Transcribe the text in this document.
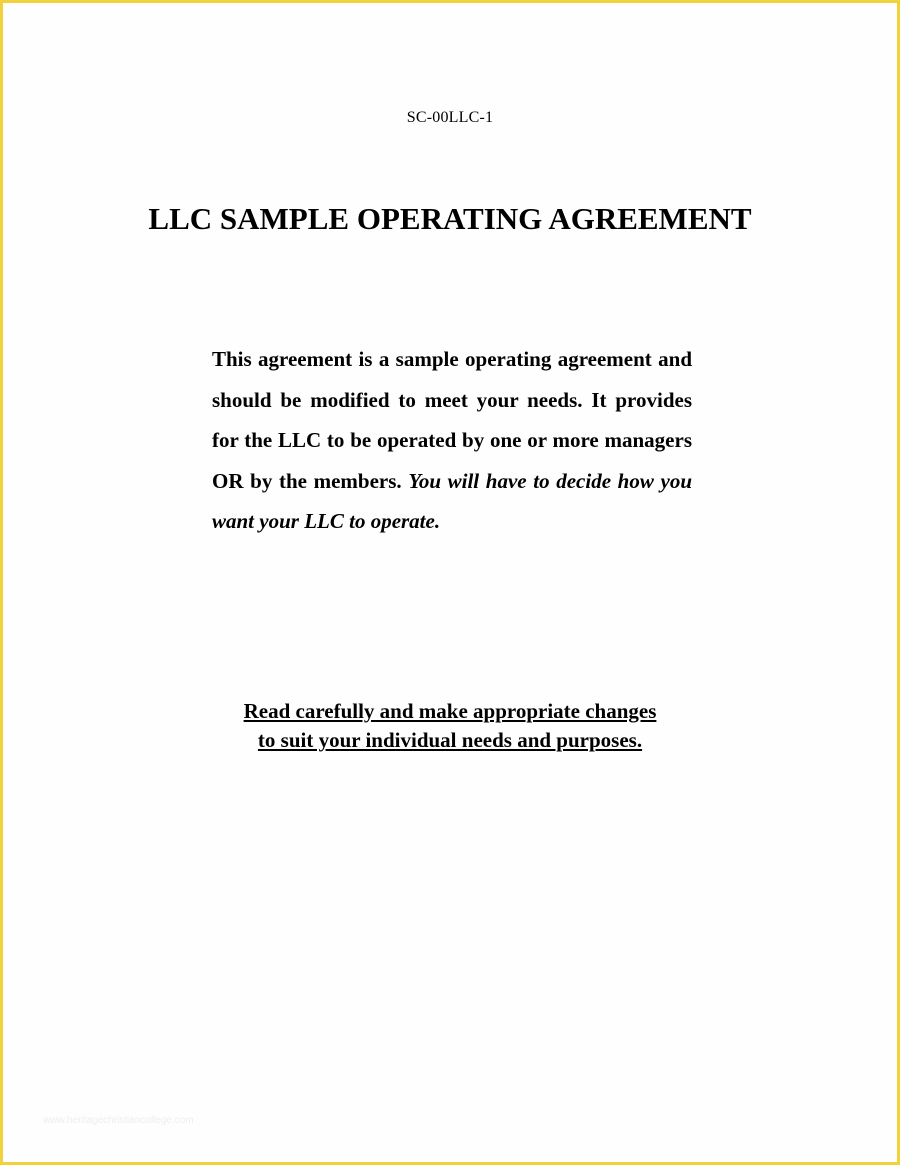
SC-00LLC-1
LLC SAMPLE OPERATING AGREEMENT

This agreement is a sample operating agreement and should be modified to meet your needs. It provides for the LLC to be operated by one or more managers OR by the members. You will have to decide how you want your LLC to operate.

Read carefully and make appropriate changes
to suit your individual needs and purposes.
www.heritagechristiancollege.com
